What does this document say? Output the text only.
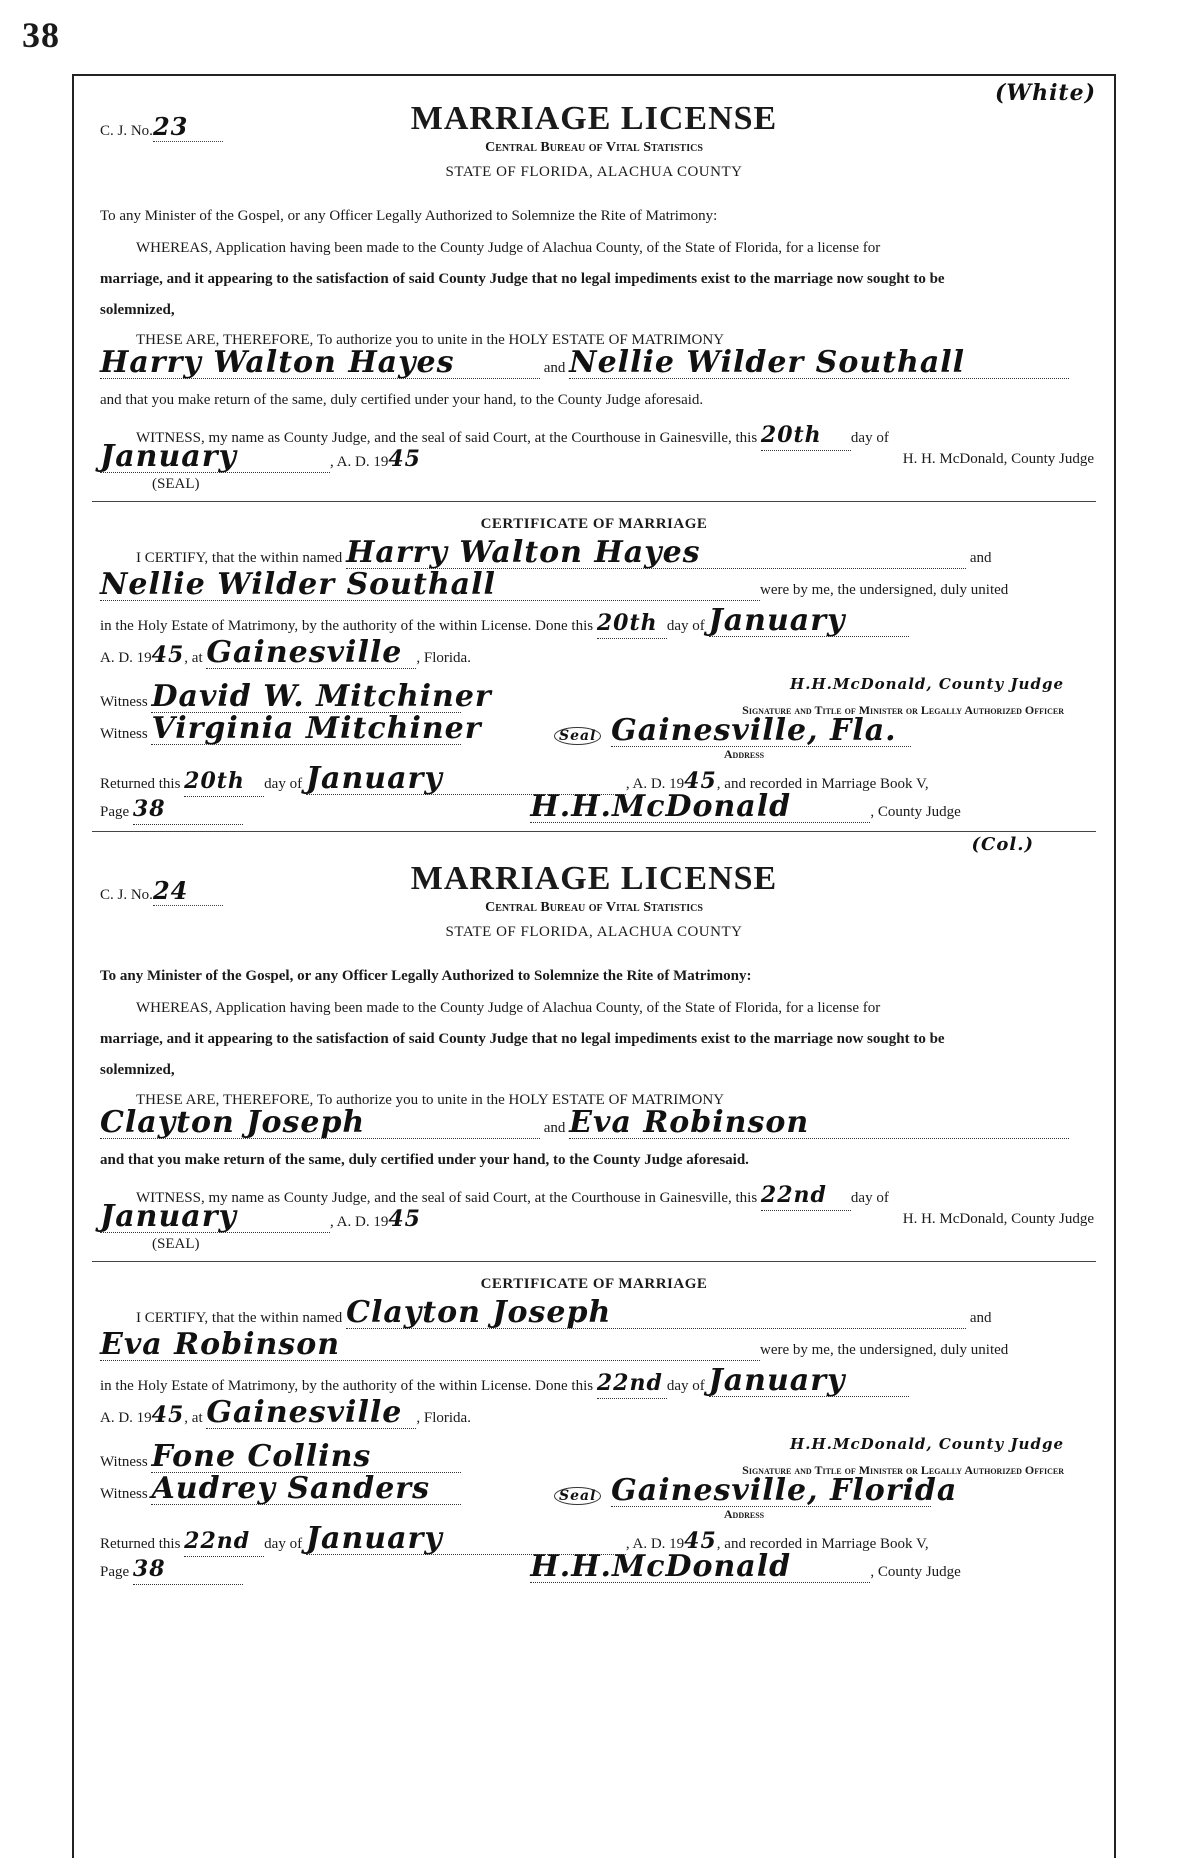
38
(White)
C. J. No.23	MARRIAGE LICENSE
Central Bureau of Vital Statistics
STATE OF FLORIDA, ALACHUA COUNTY
To any Minister of the Gospel, or any Officer Legally Authorized to Solemnize the Rite of Matrimony:
WHEREAS, Application having been made to the County Judge of Alachua County, of the State of Florida, for a license for
marriage, and it appearing to the satisfaction of said County Judge that no legal impediments exist to the marriage now sought to be
solemnized,
THESE ARE, THEREFORE, To authorize you to unite in the HOLY ESTATE OF MATRIMONY
Harry Walton Hayes	and Nellie Wilder Southall
and that you make return of the same, duly certified under your hand, to the County Judge aforesaid.
WITNESS, my name as County Judge, and the seal of said Court, at the Courthouse in Gainesville, this 20th day of
January	, A. D. 1945	H. H. McDonald, County Judge
(SEAL)
CERTIFICATE OF MARRIAGE
I CERTIFY, that the within named Harry Walton Hayes	and
Nellie Wilder Southall	were by me, the undersigned, duly united
in the Holy Estate of Matrimony, by the authority of the within License. Done this 20th day of January
A. D. 1945, at Gainesville , Florida.
H.H.McDonald, County Judge
Witness David W. Mitchiner	Signature and Title of Minister or Legally Authorized Officer
Witness Virginia Mitchiner	Seal Gainesville, Fla.
Address
Returned this 20th day of January	, A. D. 1945, and recorded in Marriage Book V,
Page 38	H.H.McDonald	, County Judge
(Col.)
C. J. No.24	MARRIAGE LICENSE
Central Bureau of Vital Statistics
STATE OF FLORIDA, ALACHUA COUNTY
To any Minister of the Gospel, or any Officer Legally Authorized to Solemnize the Rite of Matrimony:
WHEREAS, Application having been made to the County Judge of Alachua County, of the State of Florida, for a license for
marriage, and it appearing to the satisfaction of said County Judge that no legal impediments exist to the marriage now sought to be
solemnized,
THESE ARE, THEREFORE, To authorize you to unite in the HOLY ESTATE OF MATRIMONY
Clayton Joseph	and Eva Robinson
and that you make return of the same, duly certified under your hand, to the County Judge aforesaid.
WITNESS, my name as County Judge, and the seal of said Court, at the Courthouse in Gainesville, this 22nd day of
January	, A. D. 1945	H. H. McDonald, County Judge
(SEAL)
CERTIFICATE OF MARRIAGE
I CERTIFY, that the within named Clayton Joseph	and
Eva Robinson	were by me, the undersigned, duly united
in the Holy Estate of Matrimony, by the authority of the within License. Done this 22nd day of January
A. D. 1945, at Gainesville , Florida.
H.H.McDonald, County Judge
Witness Fone Collins	Signature and Title of Minister or Legally Authorized Officer
Witness Audrey Sanders	Seal Gainesville, Florida
Address
Returned this 22nd day of January	, A. D. 1945, and recorded in Marriage Book V,
Page 38	H.H.McDonald	, County Judge
